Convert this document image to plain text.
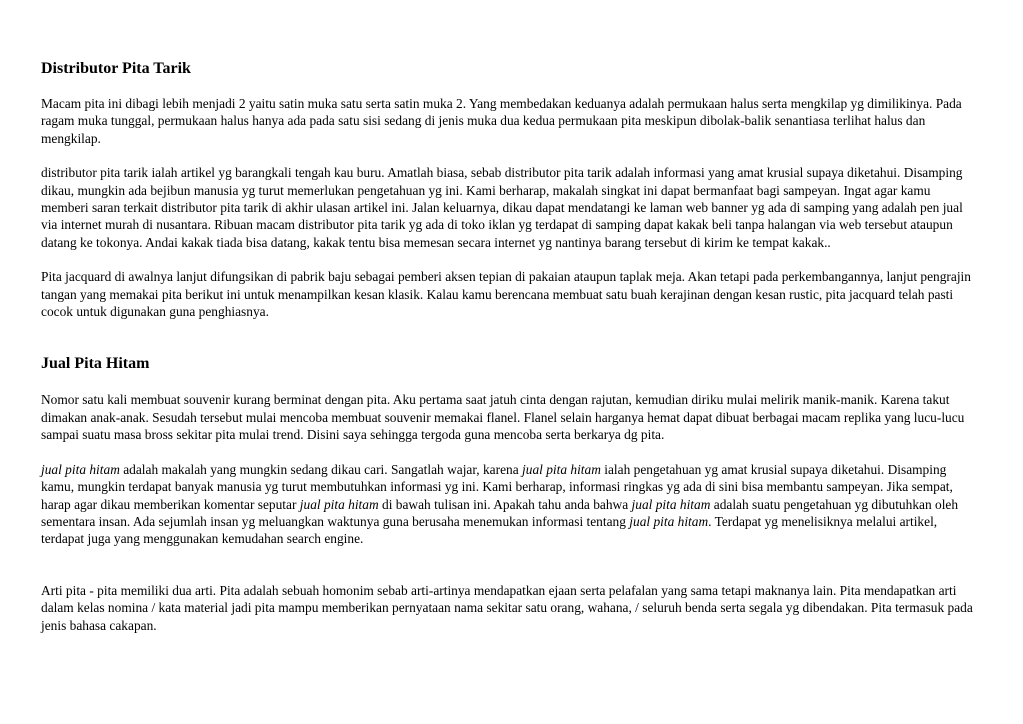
Distributor Pita Tarik

Macam pita ini dibagi lebih menjadi 2 yaitu satin muka satu serta satin muka 2. Yang membedakan keduanya adalah permukaan halus serta mengkilap yg dimilikinya. Pada ragam muka tunggal, permukaan halus hanya ada pada satu sisi sedang di jenis muka dua kedua permukaan pita meskipun dibolak-balik senantiasa terlihat halus dan mengkilap.

distributor pita tarik ialah artikel yg barangkali tengah kau buru. Amatlah biasa, sebab distributor pita tarik adalah informasi yang amat krusial supaya diketahui. Disamping dikau, mungkin ada bejibun manusia yg turut memerlukan pengetahuan yg ini. Kami berharap, makalah singkat ini dapat bermanfaat bagi sampeyan. Ingat agar kamu memberi saran terkait distributor pita tarik di akhir ulasan artikel ini. Jalan keluarnya, dikau dapat mendatangi ke laman web banner yg ada di samping yang adalah pen jual via internet murah di nusantara. Ribuan macam distributor pita tarik yg ada di toko iklan yg terdapat di samping dapat kakak beli tanpa halangan via web tersebut ataupun datang ke tokonya. Andai kakak tiada bisa datang, kakak tentu bisa memesan secara internet yg nantinya barang tersebut di kirim ke tempat kakak..

Pita jacquard di awalnya lanjut difungsikan di pabrik baju sebagai pemberi aksen tepian di pakaian ataupun taplak meja. Akan tetapi pada perkembangannya, lanjut pengrajin tangan yang memakai pita berikut ini untuk menampilkan kesan klasik. Kalau kamu berencana membuat satu buah kerajinan dengan kesan rustic, pita jacquard telah pasti cocok untuk digunakan guna penghiasnya.

Jual Pita Hitam

Nomor satu kali membuat souvenir kurang berminat dengan pita. Aku pertama saat jatuh cinta dengan rajutan, kemudian diriku mulai melirik manik-manik. Karena takut dimakan anak-anak. Sesudah tersebut mulai mencoba membuat souvenir memakai flanel. Flanel selain harganya hemat dapat dibuat berbagai macam replika yang lucu-lucu sampai suatu masa bross sekitar pita mulai trend. Disini saya sehingga tergoda guna mencoba serta berkarya dg pita.

jual pita hitam adalah makalah yang mungkin sedang dikau cari. Sangatlah wajar, karena jual pita hitam ialah pengetahuan yg amat krusial supaya diketahui. Disamping kamu, mungkin terdapat banyak manusia yg turut membutuhkan informasi yg ini. Kami berharap, informasi ringkas yg ada di sini bisa membantu sampeyan. Jika sempat, harap agar dikau memberikan komentar seputar jual pita hitam di bawah tulisan ini. Apakah tahu anda bahwa jual pita hitam adalah suatu pengetahuan yg dibutuhkan oleh sementara insan. Ada sejumlah insan yg meluangkan waktunya guna berusaha menemukan informasi tentang jual pita hitam. Terdapat yg menelisiknya melalui artikel, terdapat juga yang menggunakan kemudahan search engine.

Arti pita - pita memiliki dua arti. Pita adalah sebuah homonim sebab arti-artinya mendapatkan ejaan serta pelafalan yang sama tetapi maknanya lain. Pita mendapatkan arti dalam kelas nomina / kata material jadi pita mampu memberikan pernyataan nama sekitar satu orang, wahana, / seluruh benda serta segala yg dibendakan. Pita termasuk pada jenis bahasa cakapan.
